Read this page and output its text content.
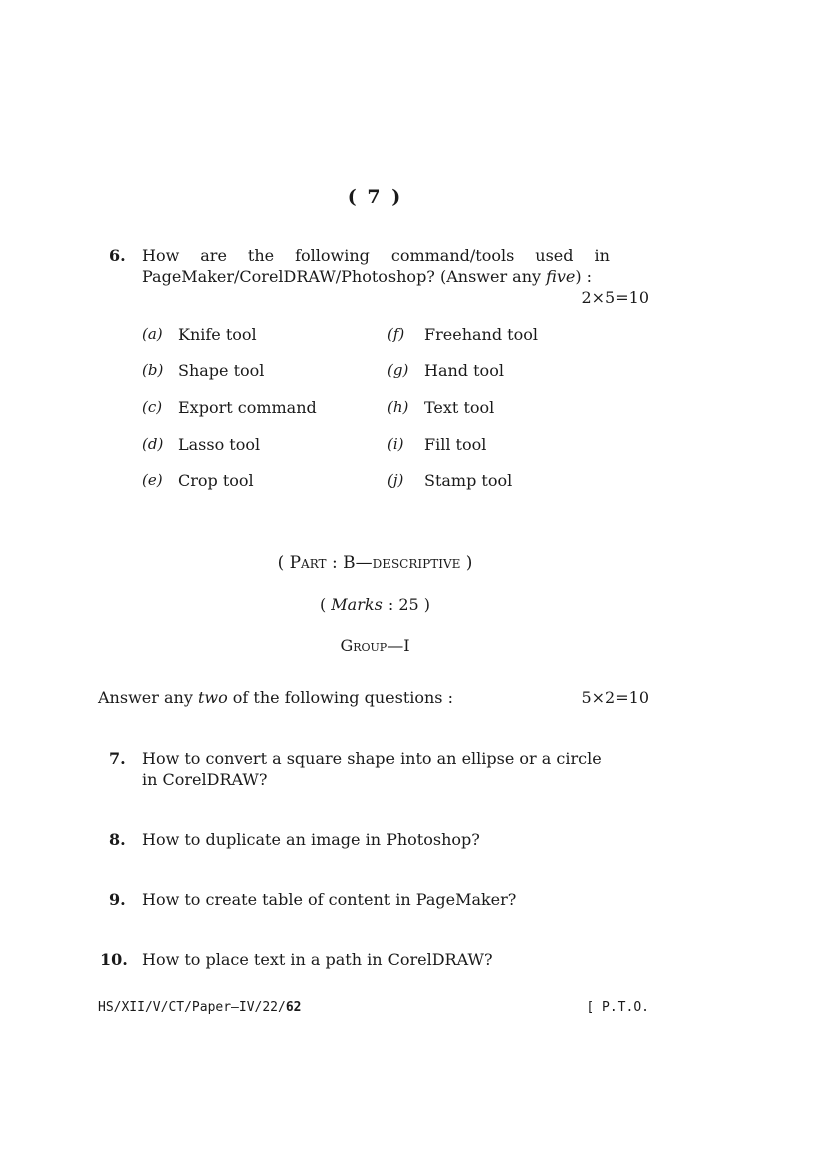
( 7 )
6. How are the following command/tools used in
PageMaker/CorelDRAW/Photoshop? (Answer any five) :
2×5=10
(a) Knife tool
(b) Shape tool
(c) Export command
(d) Lasso tool
(e) Crop tool
(f) Freehand tool
(g) Hand tool
(h) Text tool
(i) Fill tool
(j) Stamp tool
( Part : B—descriptive )
( Marks : 25 )
Group—I
Answer any two of the following questions :	5×2=10
7. How to convert a square shape into an ellipse or a circle
in CorelDRAW?
8. How to duplicate an image in Photoshop?
9. How to create table of content in PageMaker?
10. How to place text in a path in CorelDRAW?
HS/XII/V/CT/Paper–IV/22/62	[ P.T.O.
